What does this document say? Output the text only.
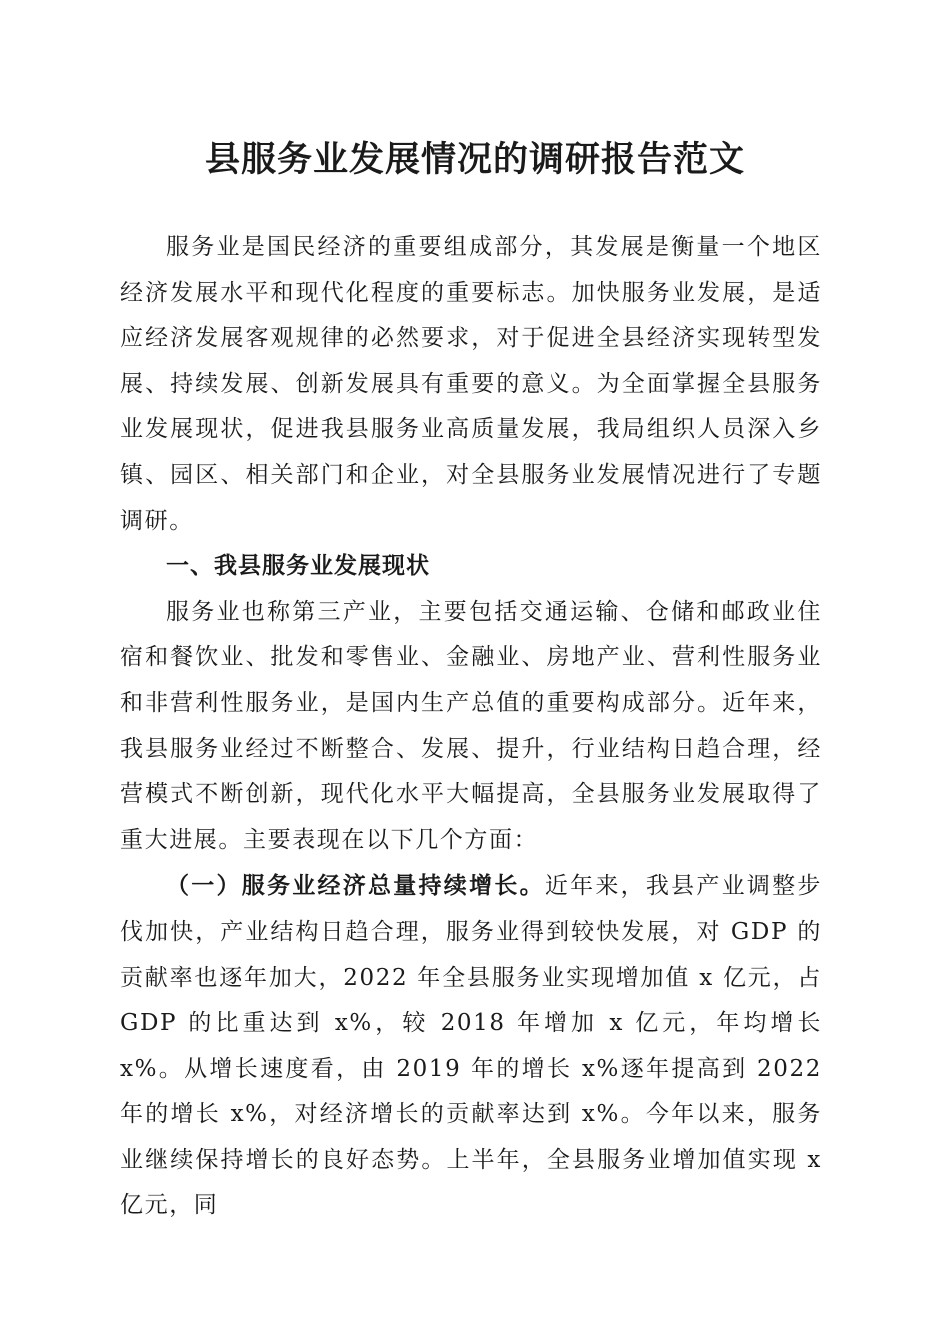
县服务业发展情况的调研报告范文

服务业是国民经济的重要组成部分，其发展是衡量一个地区经济发展水平和现代化程度的重要标志。加快服务业发展，是适应经济发展客观规律的必然要求，对于促进全县经济实现转型发展、持续发展、创新发展具有重要的意义。为全面掌握全县服务业发展现状，促进我县服务业高质量发展，我局组织人员深入乡镇、园区、相关部门和企业，对全县服务业发展情况进行了专题调研。

一、我县服务业发展现状

服务业也称第三产业，主要包括交通运输、仓储和邮政业住宿和餐饮业、批发和零售业、金融业、房地产业、营利性服务业和非营利性服务业，是国内生产总值的重要构成部分。近年来，我县服务业经过不断整合、发展、提升，行业结构日趋合理，经营模式不断创新，现代化水平大幅提高，全县服务业发展取得了重大进展。主要表现在以下几个方面：

（一）服务业经济总量持续增长。近年来，我县产业调整步伐加快，产业结构日趋合理，服务业得到较快发展，对 GDP 的贡献率也逐年加大，2022 年全县服务业实现增加值 x 亿元，占 GDP 的比重达到 x%，较 2018 年增加 x 亿元，年均增长 x%。从增长速度看，由 2019 年的增长 x%逐年提高到 2022 年的增长 x%，对经济增长的贡献率达到 x%。今年以来，服务业继续保持增长的良好态势。上半年，全县服务业增加值实现 x 亿元，同
